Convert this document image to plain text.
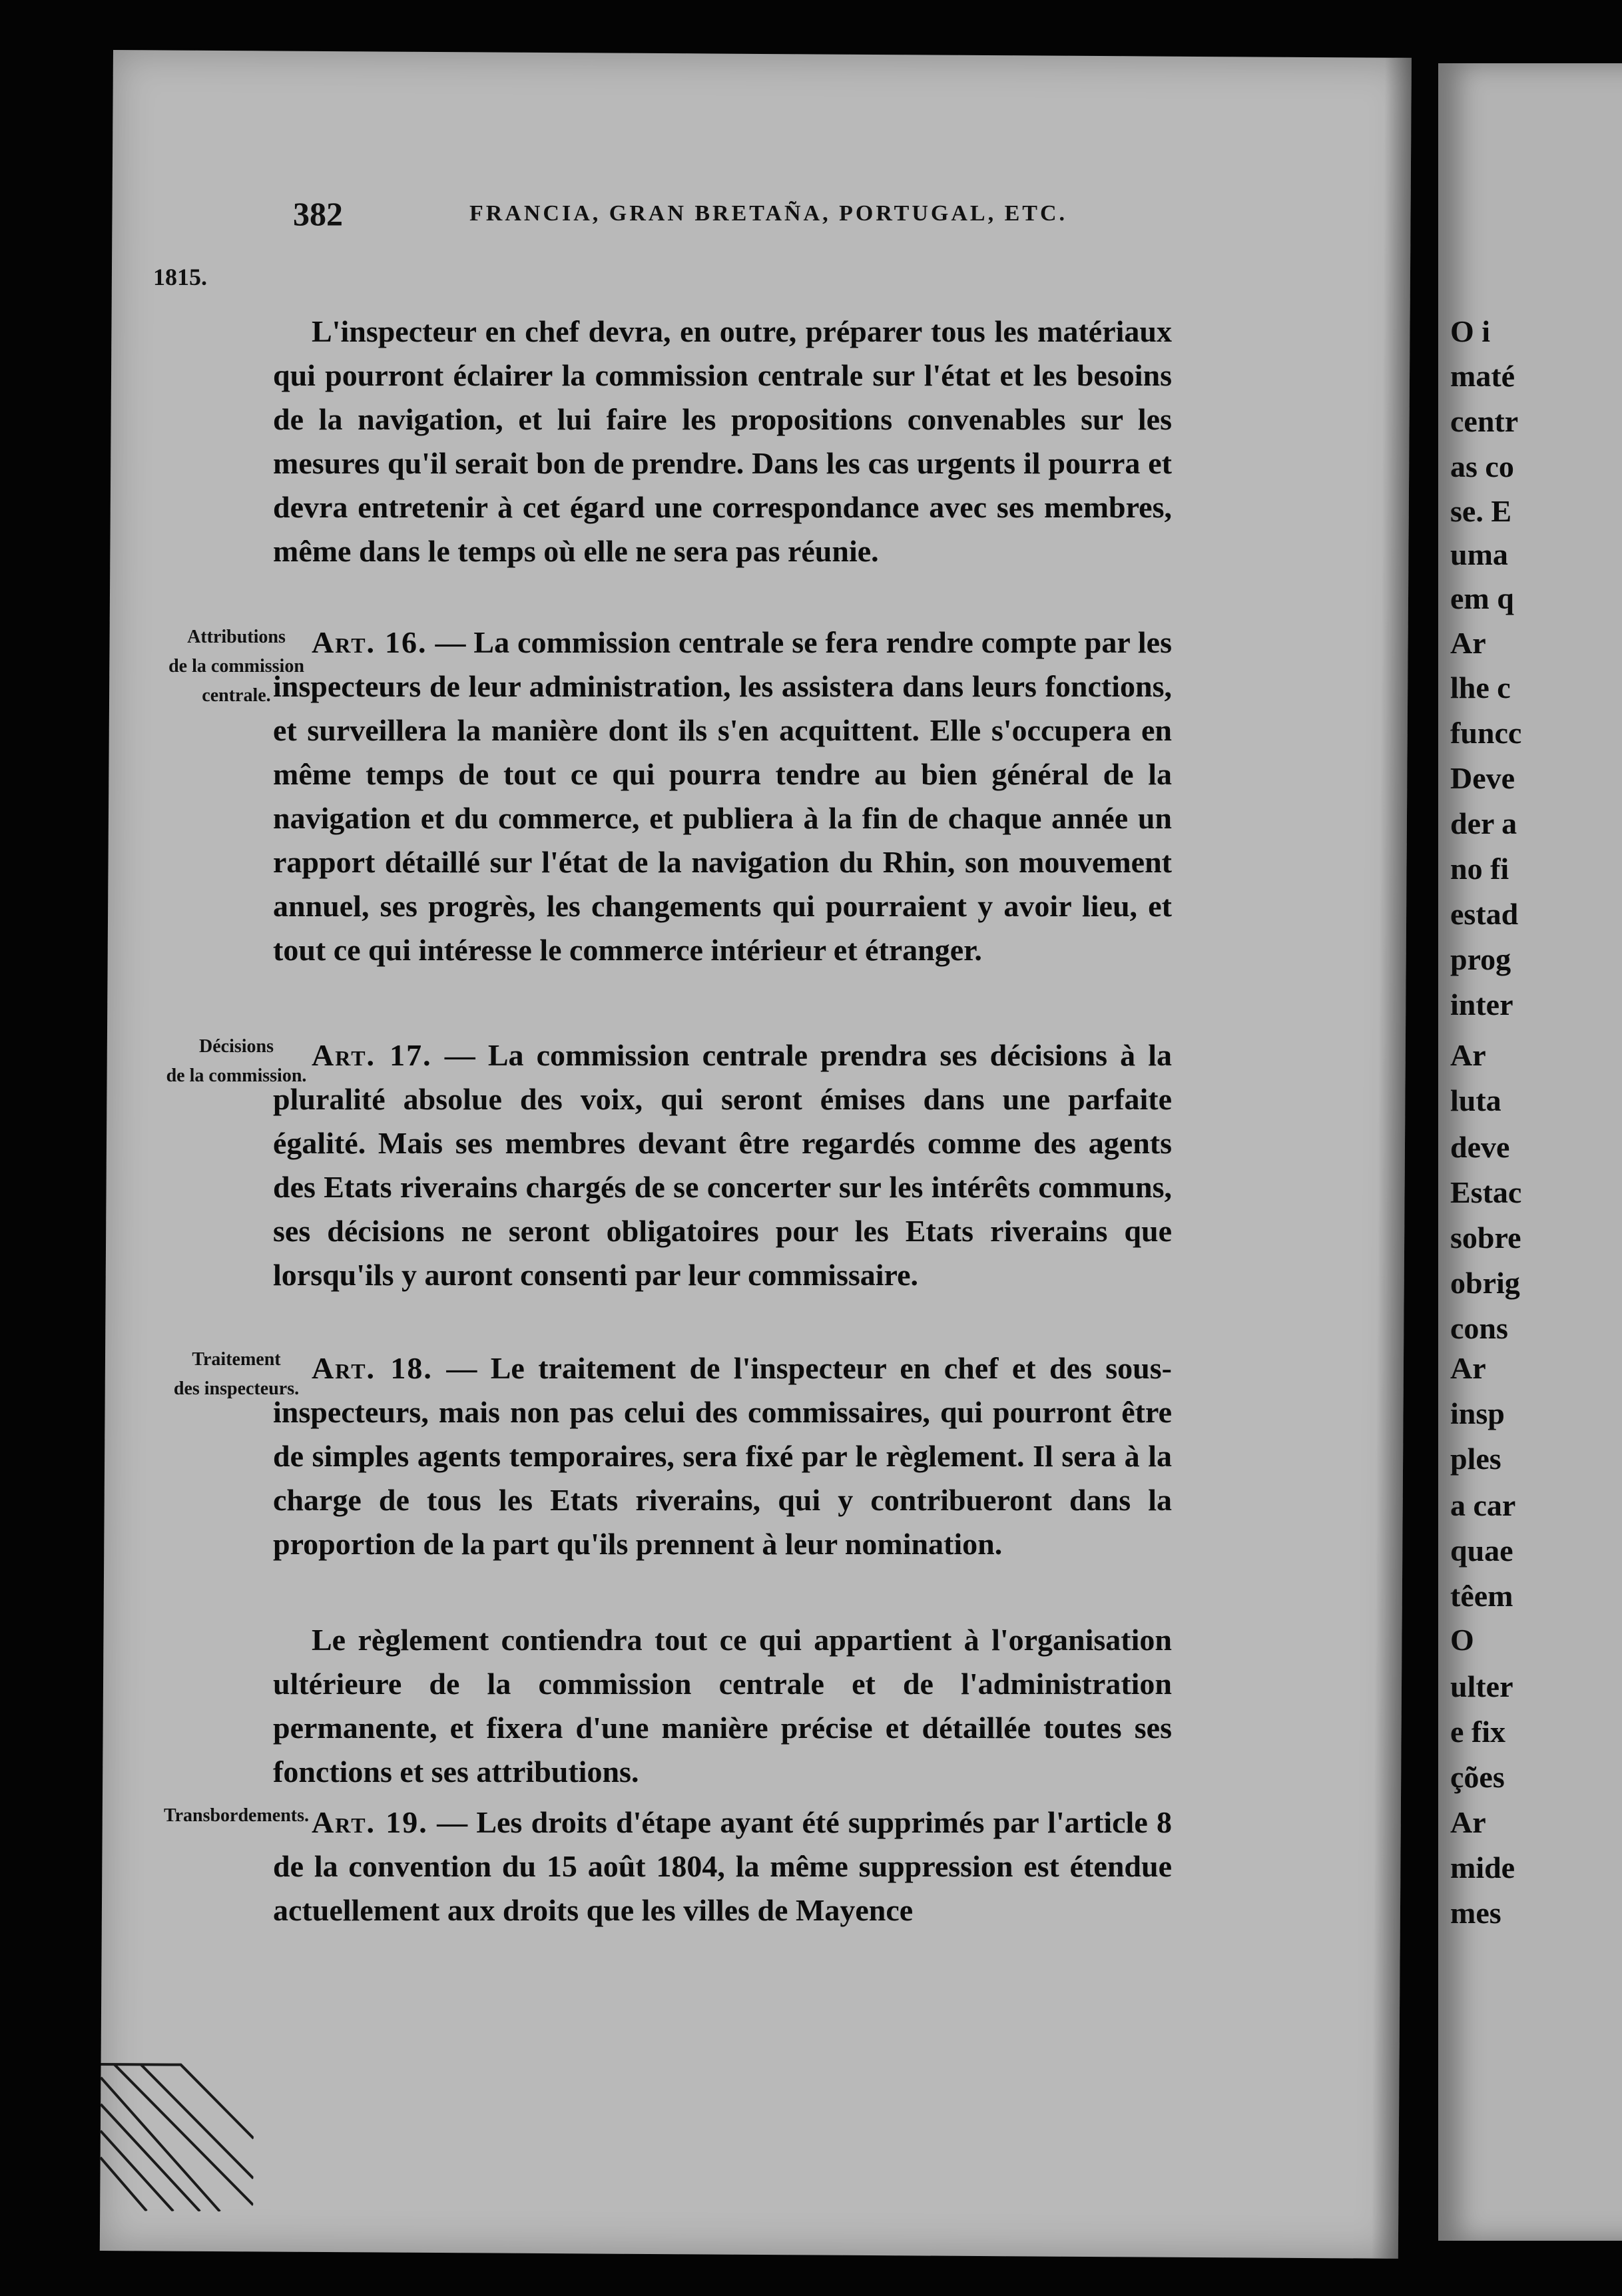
382	FRANCIA, GRAN BRETAÑA, PORTUGAL, ETC.
1815.
Attributions
de la commission
centrale.
Décisions
de la commission.
Traitement
des inspecteurs.
Transbordements.

L'inspecteur en chef devra, en outre, préparer tous les matériaux qui pourront éclairer la commission centrale sur l'état et les besoins de la navigation, et lui faire les propositions convenables sur les mesures qu'il serait bon de prendre. Dans les cas urgents il pourra et devra entretenir à cet égard une correspondance avec ses membres, même dans le temps où elle ne sera pas réunie.

Art. 16. — La commission centrale se fera rendre compte par les inspecteurs de leur administration, les assistera dans leurs fonctions, et surveillera la manière dont ils s'en acquittent. Elle s'occupera en même temps de tout ce qui pourra tendre au bien général de la navigation et du commerce, et publiera à la fin de chaque année un rapport détaillé sur l'état de la navigation du Rhin, son mouvement annuel, ses progrès, les changements qui pourraient y avoir lieu, et tout ce qui intéresse le commerce intérieur et étranger.

Art. 17. — La commission centrale prendra ses décisions à la pluralité absolue des voix, qui seront émises dans une parfaite égalité. Mais ses membres devant être regardés comme des agents des Etats riverains chargés de se concerter sur les intérêts communs, ses décisions ne seront obligatoires pour les Etats riverains que lorsqu'ils y auront consenti par leur commissaire.

Art. 18. — Le traitement de l'inspecteur en chef et des sous-inspecteurs, mais non pas celui des commissaires, qui pourront être de simples agents temporaires, sera fixé par le règlement. Il sera à la charge de tous les Etats riverains, qui y contribueront dans la proportion de la part qu'ils prennent à leur nomination.

Le règlement contiendra tout ce qui appartient à l'organisation ultérieure de la commission centrale et de l'administration permanente, et fixera d'une manière précise et détaillée toutes ses fonctions et ses attributions.

Art. 19. — Les droits d'étape ayant été supprimés par l'article 8 de la convention du 15 août 1804, la même suppression est étendue actuellement aux droits que les villes de Mayence

O i
maté
centr
as co
se. E
uma
em q
Ar
lhe c
funcc
Deve
der a
no fi
estad
prog
inter
Ar
luta
deve
Estac
sobre
obrig
cons
Ar
insp
ples
a car
quae
têem
O
ulter
e fix
ções
Ar
mide
mes
